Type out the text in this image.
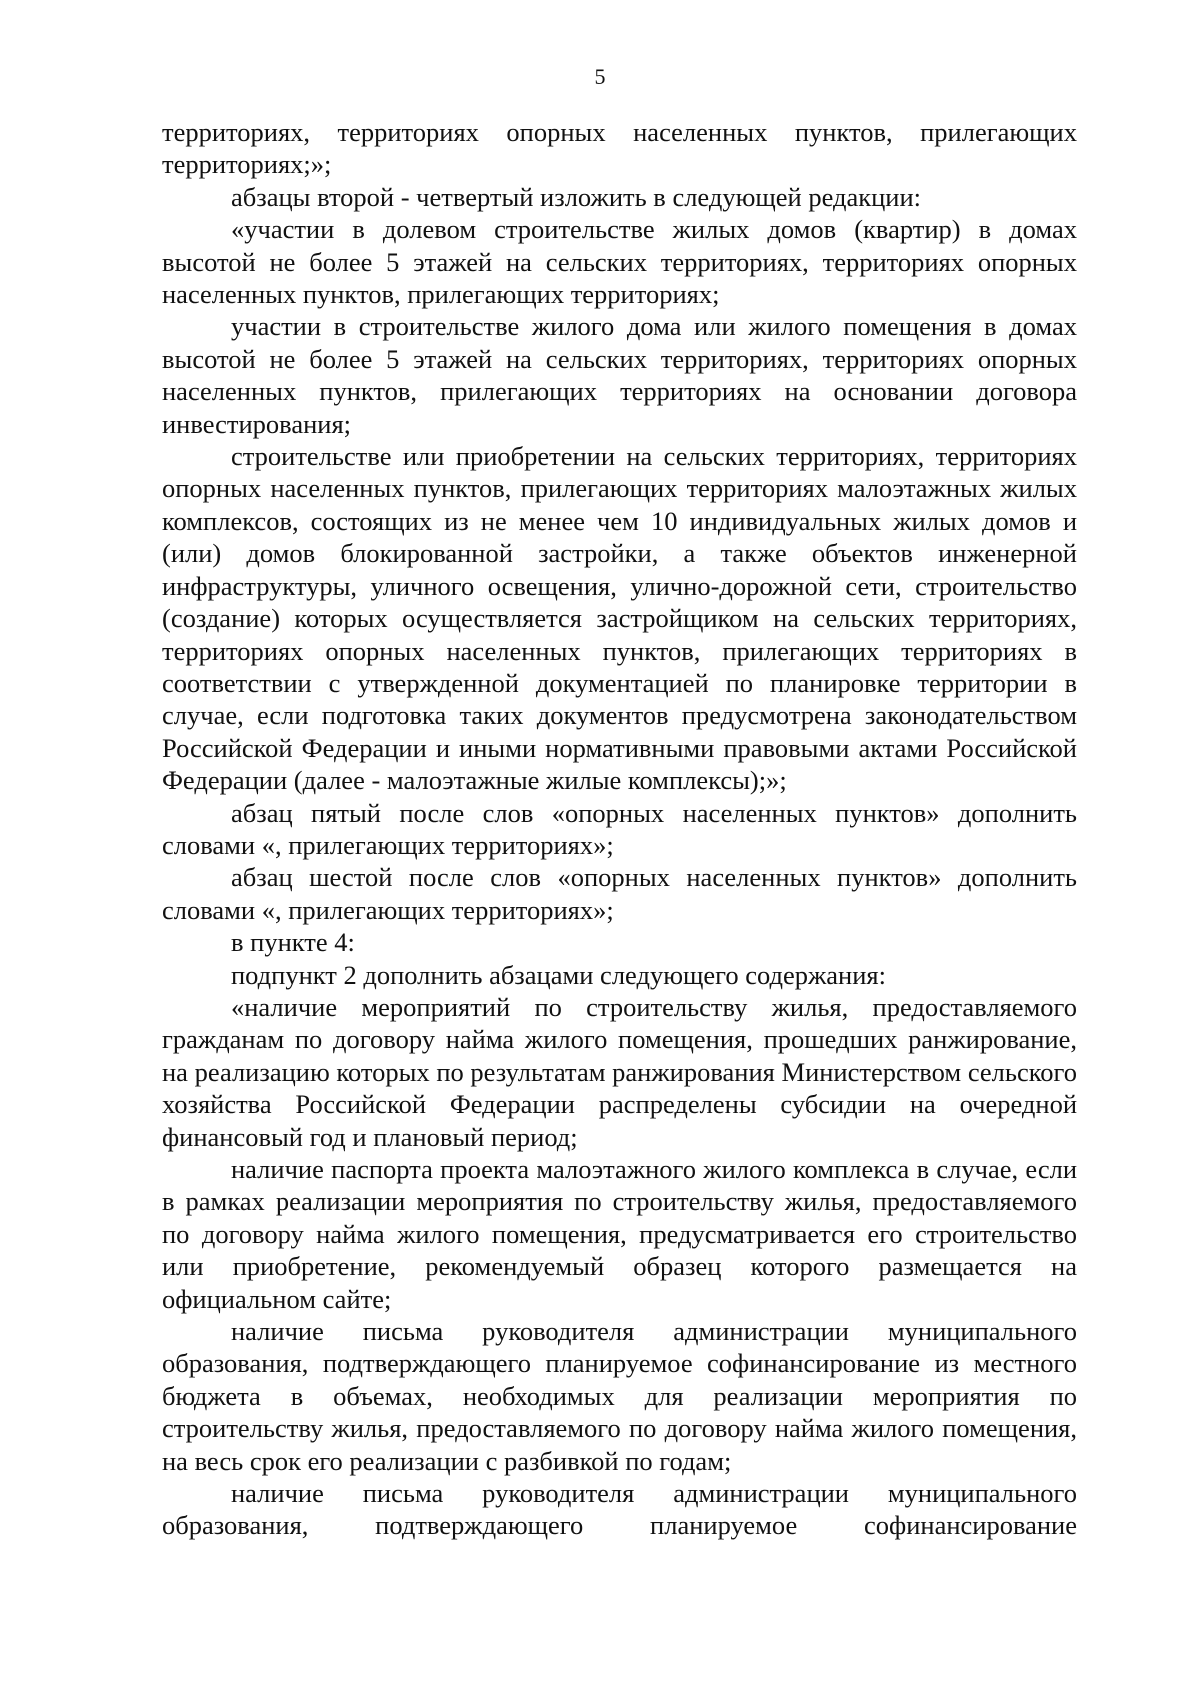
5

территориях, территориях опорных населенных пунктов, прилегающих территориях;»;

абзацы второй - четвертый изложить в следующей редакции:

«участии в долевом строительстве жилых домов (квартир) в домах высотой не более 5 этажей на сельских территориях, территориях опорных населенных пунктов, прилегающих территориях;

участии в строительстве жилого дома или жилого помещения в домах высотой не более 5 этажей на сельских территориях, территориях опорных населенных пунктов, прилегающих территориях на основании договора инвестирования;

строительстве или приобретении на сельских территориях, территориях опорных населенных пунктов, прилегающих территориях малоэтажных жилых комплексов, состоящих из не менее чем 10 индивидуальных жилых домов и (или) домов блокированной застройки, а также объектов инженерной инфраструктуры, уличного освещения, улично-дорожной сети, строительство (создание) которых осуществляется застройщиком на сельских территориях, территориях опорных населенных пунктов, прилегающих территориях в соответствии с утвержденной документацией по планировке территории в случае, если подготовка таких документов предусмотрена законодательством Российской Федерации и иными нормативными правовыми актами Российской Федерации (далее - малоэтажные жилые комплексы);»;

абзац пятый после слов «опорных населенных пунктов» дополнить словами «, прилегающих территориях»;

абзац шестой после слов «опорных населенных пунктов» дополнить словами «, прилегающих территориях»;

в пункте 4:

подпункт 2 дополнить абзацами следующего содержания:

«наличие мероприятий по строительству жилья, предоставляемого гражданам по договору найма жилого помещения, прошедших ранжирование, на реализацию которых по результатам ранжирования Министерством сельского хозяйства Российской Федерации распределены субсидии на очередной финансовый год и плановый период;

наличие паспорта проекта малоэтажного жилого комплекса в случае, если в рамках реализации мероприятия по строительству жилья, предоставляемого по договору найма жилого помещения, предусматривается его строительство или приобретение, рекомендуемый образец которого размещается на официальном сайте;

наличие письма руководителя администрации муниципального образования, подтверждающего планируемое софинансирование из местного бюджета в объемах, необходимых для реализации мероприятия по строительству жилья, предоставляемого по договору найма жилого помещения, на весь срок его реализации с разбивкой по годам;

наличие письма руководителя администрации муниципального образования, подтверждающего планируемое софинансирование
